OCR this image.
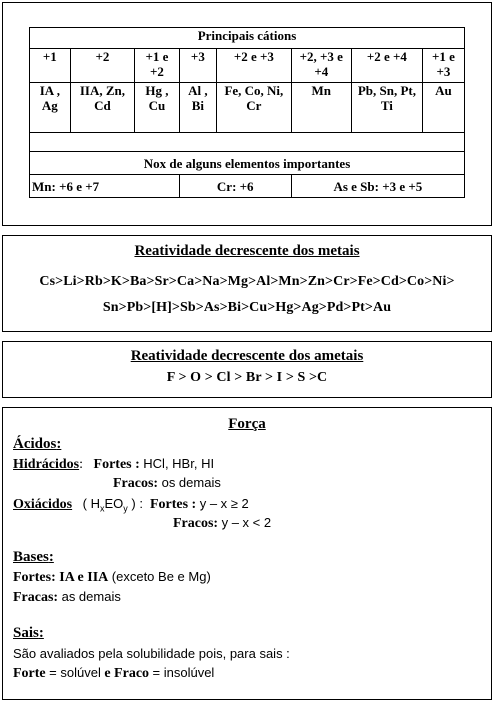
Principais cátions							
+1	+2	+1 e +2	+3	+2 e +3	+2, +3 e +4	+2 e +4	+1 e +3
IA , Ag	IIA, Zn, Cd	Hg , Cu	Al , Bi	Fe, Co, Ni, Cr	Mn	Pb, Sn, Pt, Ti	Au

Nox de alguns elementos importantes							
Mn: +6 e +7			Cr: +6		As e Sb: +3 e +5		
Reatividade decrescente dos metais
Cs>Li>Rb>K>Ba>Sr>Ca>Na>Mg>Al>Mn>Zn>Cr>Fe>Cd>Co>Ni>
Sn>Pb>[H]>Sb>As>Bi>Cu>Hg>Ag>Pd>Pt>Au
Reatividade decrescente dos ametais
F > O > Cl > Br > I > S >C
Força
Ácidos:
Hidrácidos:   Fortes : HCl, HBr, HI
Fracos: os demais
Oxiácidos ( $H_xEO_y$ ) : Fortes : y – x ≥ 2
Fracos: y – x < 2
Bases:
Fortes: IA e IIA (exceto Be e Mg)
Fracas: as demais
Sais:
São avaliados pela solubilidade pois, para sais :
Forte = solúvel e Fraco = insolúvel
